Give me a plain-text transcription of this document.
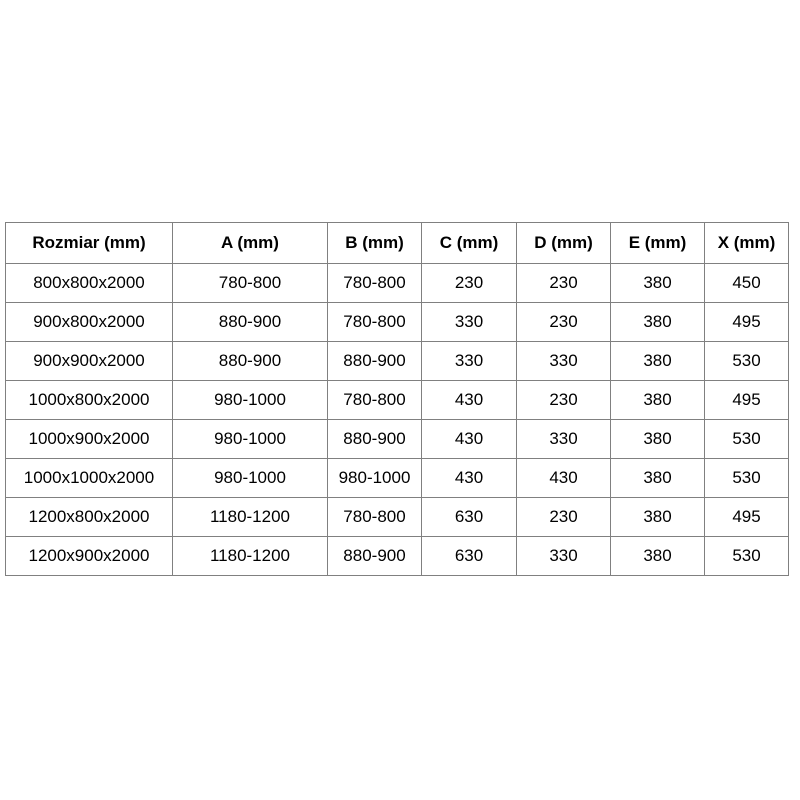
Rozmiar (mm)	A (mm)	B (mm)	C (mm)	D (mm)	E (mm)	X (mm)
800x800x2000	780-800	780-800	230	230	380	450
900x800x2000	880-900	780-800	330	230	380	495
900x900x2000	880-900	880-900	330	330	380	530
1000x800x2000	980-1000	780-800	430	230	380	495
1000x900x2000	980-1000	880-900	430	330	380	530
1000x1000x2000	980-1000	980-1000	430	430	380	530
1200x800x2000	1180-1200	780-800	630	230	380	495
1200x900x2000	1180-1200	880-900	630	330	380	530
